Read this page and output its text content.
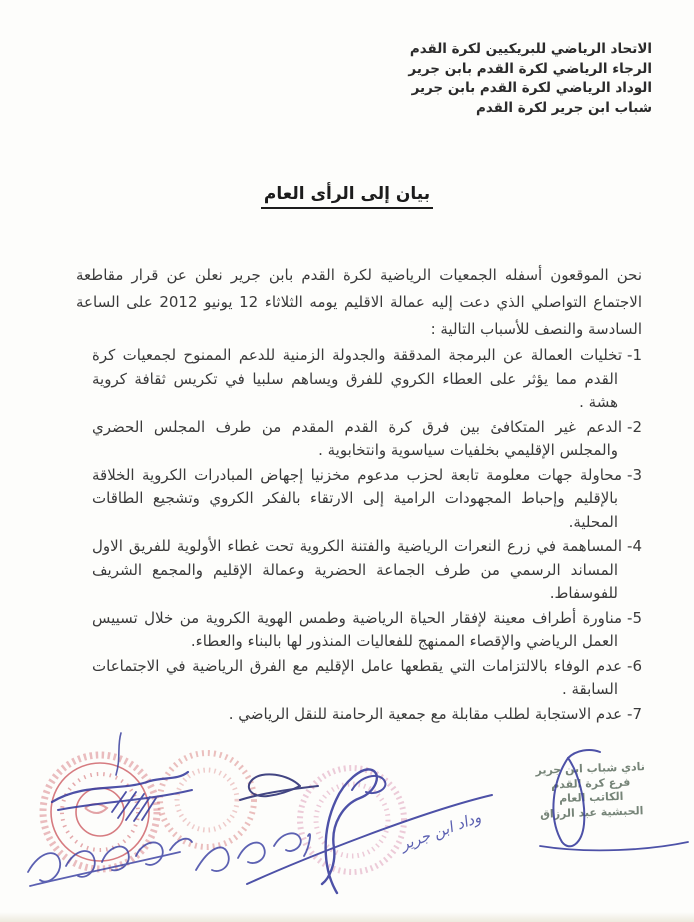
الاتحاد الرياضي للبريكيين لكرة القدم
الرجاء الرياضي لكرة القدم بابن جرير
الوداد الرياضي لكرة القدم بابن جرير
شباب ابن جرير لكرة القدم
بيان إلى الرأى العام

نحن الموقعون أسفله الجمعيات الرياضية لكرة القدم بابن جرير نعلن عن قرار مقاطعة الاجتماع التواصلي الذي دعت إليه عمالة الاقليم يومه الثلاثاء 12 يونيو 2012 على الساعة السادسة والنصف للأسباب التالية :

1-تخليات العمالة عن البرمجة المدققة والجدولة الزمنية للدعم الممنوح لجمعيات كرة القدم مما يؤثر على العطاء الكروي للفرق ويساهم سلبيا في تكريس ثقافة كروية هشة .
2-الدعم غير المتكافئ بين فرق كرة القدم المقدم من طرف المجلس الحضري والمجلس الإقليمي بخلفيات سياسوية وانتخابوية .
3-محاولة جهات معلومة تابعة لحزب مدعوم مخزنيا إجهاض المبادرات الكروية الخلاقة بالإقليم وإحباط المجهودات الرامية إلى الارتقاء بالفكر الكروي وتشجيع الطاقات المحلية.
4-المساهمة في زرع النعرات الرياضية والفتنة الكروية تحت غطاء الأولوية للفريق الاول المساند الرسمي من طرف الجماعة الحضرية وعمالة الإقليم والمجمع الشريف للفوسفاط.
5-مناورة أطراف معينة لإفقار الحياة الرياضية وطمس الهوية الكروية من خلال تسييس العمل الرياضي والإقصاء الممنهج للفعاليات المنذور لها بالبناء والعطاء.
6-عدم الوفاء بالالتزامات التي يقطعها عامل الإقليم مع الفرق الرياضية في الاجتماعات السابقة .
7-عدم الاستجابة لطلب مقابلة مع جمعية الرحامنة للنقل الرياضي .
نادي شباب ابن جرير
فرع كرة القدم
الكاتب العام
الحبشية عبد الرزاق
وداد ابن جرير
